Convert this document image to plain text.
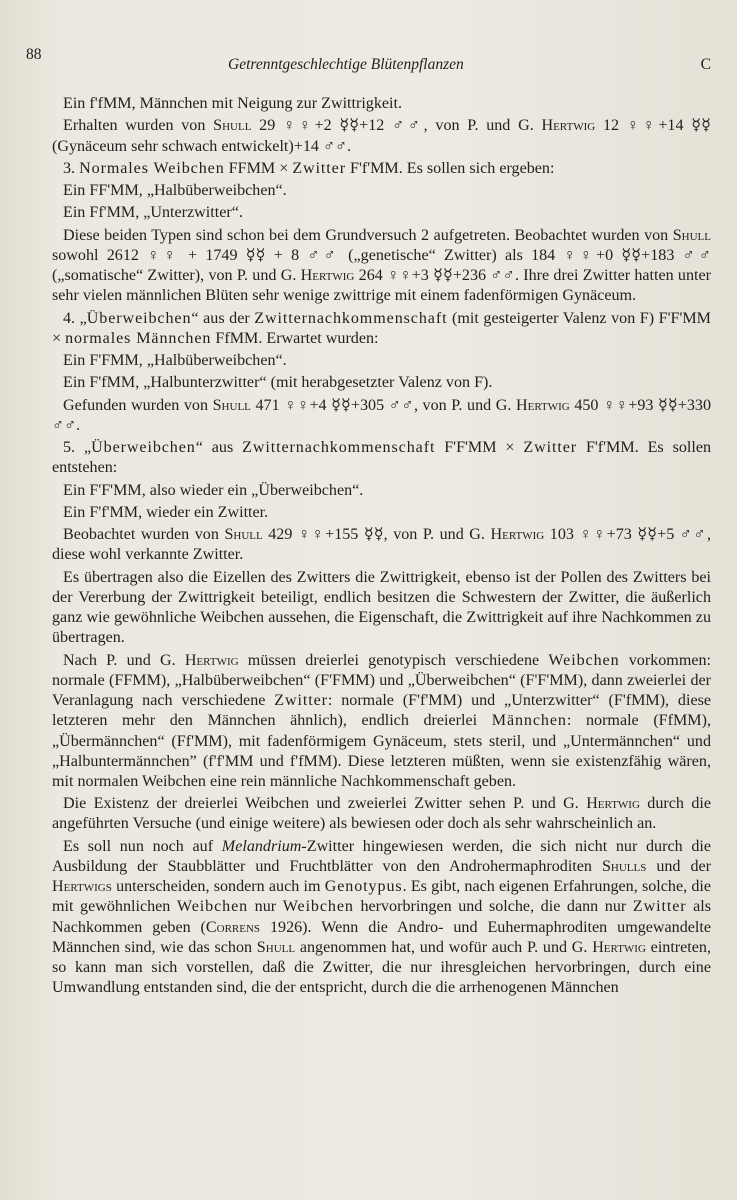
88
Getrenntgeschlechtige Blütenpflanzen	C

Ein f'fMM, Männchen mit Neigung zur Zwittrigkeit.

Erhalten wurden von Shull 29 ♀♀+2 ☿☿+12 ♂♂, von P. und G. Hertwig 12 ♀♀+14 ☿☿ (Gynäceum sehr schwach entwickelt)+14 ♂♂.

3. Normales Weibchen FFMM × Zwitter F'f'MM. Es sollen sich ergeben:

Ein FF'MM, „Halbüberweibchen“.

Ein Ff'MM, „Unterzwitter“.

Diese beiden Typen sind schon bei dem Grundversuch 2 aufgetreten. Beobachtet wurden von Shull sowohl 2612 ♀♀ + 1749 ☿☿ + 8 ♂♂ („genetische“ Zwitter) als 184 ♀♀+0 ☿☿+183 ♂♂ („somatische“ Zwitter), von P. und G. Hertwig 264 ♀♀+3 ☿☿+236 ♂♂. Ihre drei Zwitter hatten unter sehr vielen männlichen Blüten sehr wenige zwittrige mit einem fadenförmigen Gynäceum.

4. „Überweibchen“ aus der Zwitternachkommenschaft (mit gesteigerter Valenz von F) F'F'MM × normales Männchen FfMM. Erwartet wurden:

Ein F'FMM, „Halbüberweibchen“.

Ein F'fMM, „Halbunterzwitter“ (mit herabgesetzter Valenz von F).

Gefunden wurden von Shull 471 ♀♀+4 ☿☿+305 ♂♂, von P. und G. Hertwig 450 ♀♀+93 ☿☿+330 ♂♂.

5. „Überweibchen“ aus Zwitternachkommenschaft F'F'MM × Zwitter F'f'MM. Es sollen entstehen:

Ein F'F'MM, also wieder ein „Überweibchen“.

Ein F'f'MM, wieder ein Zwitter.

Beobachtet wurden von Shull 429 ♀♀+155 ☿☿, von P. und G. Hertwig 103 ♀♀+73 ☿☿+5 ♂♂, diese wohl verkannte Zwitter.

Es übertragen also die Eizellen des Zwitters die Zwittrigkeit, ebenso ist der Pollen des Zwitters bei der Vererbung der Zwittrigkeit beteiligt, endlich besitzen die Schwestern der Zwitter, die äußerlich ganz wie gewöhnliche Weibchen aussehen, die Eigenschaft, die Zwittrigkeit auf ihre Nachkommen zu übertragen.

Nach P. und G. Hertwig müssen dreierlei genotypisch verschiedene Weibchen vorkommen: normale (FFMM), „Halbüberweibchen“ (F'FMM) und „Überweibchen“ (F'F'MM), dann zweierlei der Veranlagung nach verschiedene Zwitter: normale (F'f'MM) und „Unterzwitter“ (F'fMM), diese letzteren mehr den Männchen ähnlich), endlich dreierlei Männchen: normale (FfMM), „Übermännchen“ (Ff'MM), mit fadenförmigem Gynäceum, stets steril, und „Untermännchen“ und „Halbuntermännchen” (f'f'MM und f'fMM). Diese letzteren müßten, wenn sie existenzfähig wären, mit normalen Weibchen eine rein männliche Nachkommenschaft geben.

Die Existenz der dreierlei Weibchen und zweierlei Zwitter sehen P. und G. Hertwig durch die angeführten Versuche (und einige weitere) als bewiesen oder doch als sehr wahrscheinlich an.

Es soll nun noch auf Melandrium-Zwitter hingewiesen werden, die sich nicht nur durch die Ausbildung der Staubblätter und Fruchtblätter von den Androhermaphroditen Shulls und der Hertwigs unterscheiden, sondern auch im Genotypus. Es gibt, nach eigenen Erfahrungen, solche, die mit gewöhnlichen Weibchen nur Weibchen hervorbringen und solche, die dann nur Zwitter als Nachkommen geben (Correns 1926). Wenn die Andro- und Euhermaphroditen umgewandelte Männchen sind, wie das schon Shull angenommen hat, und wofür auch P. und G. Hertwig eintreten, so kann man sich vorstellen, daß die Zwitter, die nur ihresgleichen hervorbringen, durch eine Umwandlung entstanden sind, die der entspricht, durch die die arrhenogenen Männchen
